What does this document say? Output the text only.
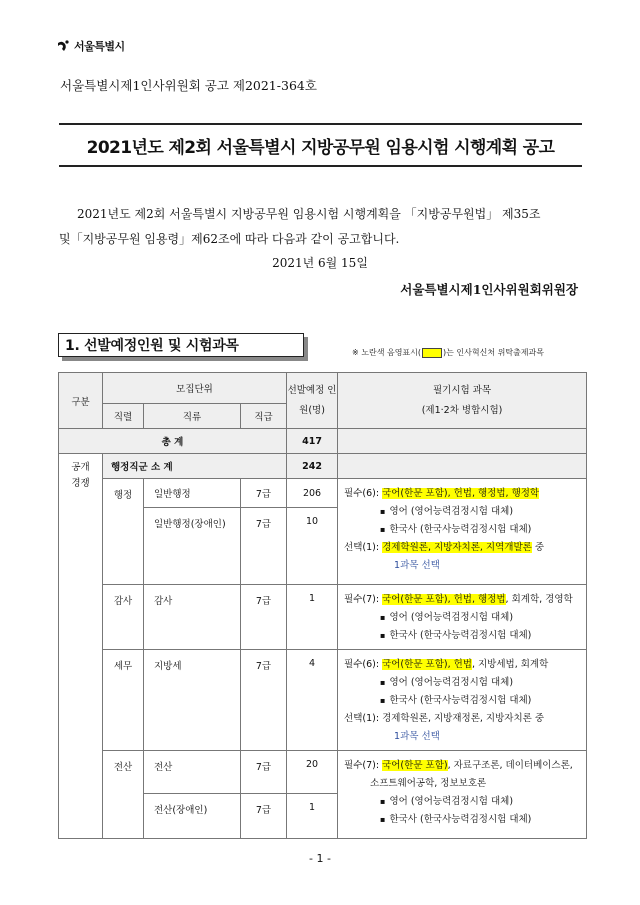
서울특별시
서울특별시제1인사위원회 공고 제2021-364호
2021년도 제2회 서울특별시 지방공무원 임용시험 시행계획 공고

2021년도 제2회 서울특별시 지방공무원 임용시험 시행계획을 「지방공무원법」 제35조

및「지방공무원 임용령」제62조에 따라 다음과 같이 공고합니다.

2021년 6월 15일
서울특별시제1인사위원회위원장
1. 선발예정인원 및 시험과목	※ 노란색 음영표시(	)는 인사혁신처 위탁출제과목
구분	모집단위			선발예정 인원(명)	필기시험 과목
(제1·2차 병합시험)

	직렬	직류	직급		
총 계				417	

공개
경쟁	행정직군 소 계			242	
	행정	일반행정	7급	206	필수(6): 국어(한문 포함), 헌법, 행정법, 행정학
▪ 영어 (영어능력검정시험 대체)
▪ 한국사 (한국사능력검정시험 대체)
선택(1): 경제학원론, 지방자치론, 지역개발론 중
1과목 선택

		일반행정(장애인)	7급	10	
	감사	감사	7급	1	필수(7): 국어(한문 포함), 헌법, 행정법, 회계학, 경영학
▪ 영어 (영어능력검정시험 대체)
▪ 한국사 (한국사능력검정시험 대체)

	세무	지방세	7급	4	필수(6): 국어(한문 포함), 헌법, 지방세법, 회계학
▪ 영어 (영어능력검정시험 대체)
▪ 한국사 (한국사능력검정시험 대체)
선택(1): 경제학원론, 지방재정론, 지방자치론 중
1과목 선택

	전산	전산	7급	20	필수(7): 국어(한문 포함), 자료구조론, 데이터베이스론,
소프트웨어공학, 정보보호론
▪ 영어 (영어능력검정시험 대체)
▪ 한국사 (한국사능력검정시험 대체)

		전산(장애인)	7급	1	
- 1 -
